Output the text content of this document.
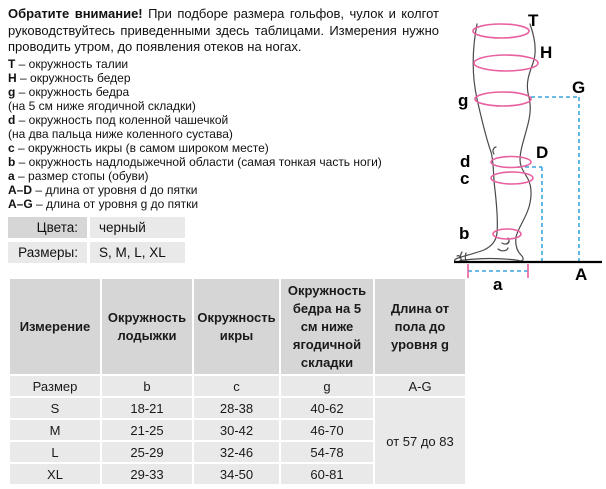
Обратите внимание! При подборе размера гольфов, чулок и колгот
руководствуйтесь приведенными здесь таблицами. Измерения нужно
проводить утром, до появления отеков на ногах.
T – окружность талии
H – окружность бедер
g – окружность бедра
(на 5 см ниже ягодичной складки)
d – окружность под коленной чашечкой
(на два пальца ниже коленного сустава)
c – окружность икры (в самом широком месте)
b – окружность надлодыжечной области (самая тонкая часть ноги)
a – размер стопы (обуви)
A–D – длина от уровня d до пятки
A–G – длина от уровня g до пятки
Цвета:	черный
Размеры:	S, M, L, XL
Измерение

Окружность
лодыжки

Окружность
икры

Окружность
бедра на 5
см ниже
ягодичной
складки

Длина от
пола до
уровня g

Размер	b	c	g	A-G
S	18-21	28-38	40-62	от 57 до 83
M	21-25	30-42	46-70	
L	25-29	32-46	54-78	
XL	29-33	34-50	60-81	
T
H
G
g
D
d
c
b
A
a
